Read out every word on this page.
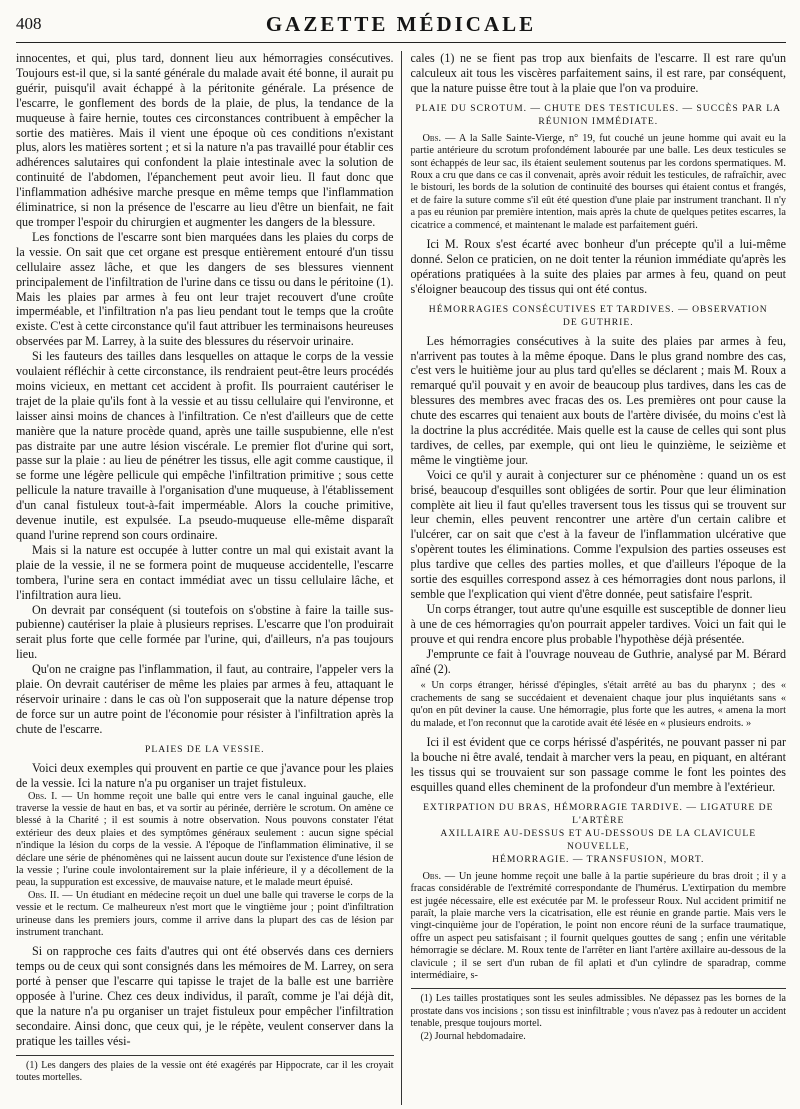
408	GAZETTE MÉDICALE

innocentes, et qui, plus tard, donnent lieu aux hémorragies consécutives. Toujours est-il que, si la santé générale du malade avait été bonne, il aurait pu guérir, puisqu'il avait échappé à la péritonite générale. La présence de l'escarre, le gonflement des bords de la plaie, de plus, la tendance de la muqueuse à faire hernie, toutes ces circonstances contribuent à empêcher la sortie des matières. Mais il vient une époque où ces conditions n'existant plus, alors les matières sortent ; et si la nature n'a pas travaillé pour établir ces adhérences salutaires qui confondent la plaie intestinale avec la solution de continuité de l'abdomen, l'épanchement peut avoir lieu. Il faut donc que l'inflammation adhésive marche presque en même temps que l'inflammation éliminatrice, si non la présence de l'escarre au lieu d'être un bienfait, ne fait que tromper l'espoir du chirurgien et augmenter les dangers de la blessure.

Les fonctions de l'escarre sont bien marquées dans les plaies du corps de la vessie. On sait que cet organe est presque entièrement entouré d'un tissu cellulaire assez lâche, et que les dangers de ses blessures viennent principalement de l'infiltration de l'urine dans ce tissu ou dans le péritoine (1). Mais les plaies par armes à feu ont leur trajet recouvert d'une croûte imperméable, et l'infiltration n'a pas lieu pendant tout le temps que la croûte existe. C'est à cette circonstance qu'il faut attribuer les terminaisons heureuses observées par M. Larrey, à la suite des blessures du réservoir urinaire.

Si les fauteurs des tailles dans lesquelles on attaque le corps de la vessie voulaient réfléchir à cette circonstance, ils rendraient peut-être leurs procédés moins vicieux, en mettant cet accident à profit. Ils pourraient cautériser le trajet de la plaie qu'ils font à la vessie et au tissu cellulaire qui l'environne, et laisser ainsi moins de chances à l'infiltration. Ce n'est d'ailleurs que de cette manière que la nature procède quand, après une taille suspubienne, elle n'est pas distraite par une autre lésion viscérale. Le premier flot d'urine qui sort, passe sur la plaie : au lieu de pénétrer les tissus, elle agit comme caustique, il se forme une légère pellicule qui empêche l'infiltration primitive ; sous cette pellicule la nature travaille à l'organisation d'une muqueuse, à l'établissement d'un canal fistuleux tout-à-fait imperméable. Alors la couche primitive, devenue inutile, est expulsée. La pseudo-muqueuse elle-même disparaît quand l'urine reprend son cours ordinaire.

Mais si la nature est occupée à lutter contre un mal qui existait avant la plaie de la vessie, il ne se formera point de muqueuse accidentelle, l'escarre tombera, l'urine sera en contact immédiat avec un tissu cellulaire lâche, et l'infiltration aura lieu.

On devrait par conséquent (si toutefois on s'obstine à faire la taille sus-pubienne) cautériser la plaie à plusieurs reprises. L'escarre que l'on produirait serait plus forte que celle formée par l'urine, qui, d'ailleurs, n'a pas toujours lieu.

Qu'on ne craigne pas l'inflammation, il faut, au contraire, l'appeler vers la plaie. On devrait cautériser de même les plaies par armes à feu, attaquant le réservoir urinaire : dans le cas où l'on supposerait que la nature dépense trop de force sur un autre point de l'économie pour résister à l'infiltration après la chute de l'escarre.

PLAIES DE LA VESSIE.

Voici deux exemples qui prouvent en partie ce que j'avance pour les plaies de la vessie. Ici la nature n'a pu organiser un trajet fistuleux.

Obs. I. — Un homme reçoit une balle qui entre vers le canal inguinal gauche, elle traverse la vessie de haut en bas, et va sortir au périnée, derrière le scrotum. On amène ce blessé à la Charité ; il est soumis à notre observation. Nous pouvons constater l'état extérieur des deux plaies et des symptômes généraux seulement : aucun signe spécial n'indique la lésion du corps de la vessie. A l'époque de l'inflammation éliminative, il se déclare une série de phénomènes qui ne laissent aucun doute sur l'existence d'une lésion de la vessie ; l'urine coule involontairement sur la plaie inférieure, il y a décollement de la peau, la suppuration est excessive, de mauvaise nature, et le malade meurt épuisé.

Obs. II. — Un étudiant en médecine reçoit un duel une balle qui traverse le corps de la vessie et le rectum. Ce malheureux n'est mort que le vingtième jour ; point d'infiltration urineuse dans les premiers jours, comme il arrive dans la plupart des cas de lésion par instrument tranchant.

Si on rapproche ces faits d'autres qui ont été observés dans ces derniers temps ou de ceux qui sont consignés dans les mémoires de M. Larrey, on sera porté à penser que l'escarre qui tapisse le trajet de la balle est une barrière opposée à l'urine. Chez ces deux individus, il paraît, comme je l'ai déjà dit, que la nature n'a pu organiser un trajet fistuleux pour empêcher l'infiltration secondaire. Ainsi donc, que ceux qui, je le répète, veulent conserver dans la pratique les tailles vési-

(1) Les dangers des plaies de la vessie ont été exagérés par Hippocrate, car il les croyait toutes mortelles.

cales (1) ne se fient pas trop aux bienfaits de l'escarre. Il est rare qu'un calculeux ait tous les viscères parfaitement sains, il est rare, par conséquent, que la nature puisse être tout à la plaie que l'on va produire.

PLAIE DU SCROTUM. — CHUTE DES TESTICULES. — SUCCÈS PAR LA
RÉUNION IMMÉDIATE.

Obs. — A la Salle Sainte-Vierge, n° 19, fut couché un jeune homme qui avait eu la partie antérieure du scrotum profondément labourée par une balle. Les deux testicules se sont échappés de leur sac, ils étaient seulement soutenus par les cordons spermatiques. M. Roux a cru que dans ce cas il convenait, après avoir réduit les testicules, de rafraîchir, avec le bistouri, les bords de la solution de continuité des bourses qui étaient contus et frangés, et de faire la suture comme s'il eût été question d'une plaie par instrument tranchant. Il n'y a pas eu réunion par première intention, mais après la chute de quelques petites escarres, la cicatrice a commencé, et maintenant le malade est parfaitement guéri.

Ici M. Roux s'est écarté avec bonheur d'un précepte qu'il a lui-même donné. Selon ce praticien, on ne doit tenter la réunion immédiate qu'après les opérations pratiquées à la suite des plaies par armes à feu, quand on peut s'éloigner beaucoup des tissus qui ont été contus.

HÉMORRAGIES CONSÉCUTIVES ET TARDIVES. — OBSERVATION
DE GUTHRIE.

Les hémorragies consécutives à la suite des plaies par armes à feu, n'arrivent pas toutes à la même époque. Dans le plus grand nombre des cas, c'est vers le huitième jour au plus tard qu'elles se déclarent ; mais M. Roux a remarqué qu'il pouvait y en avoir de beaucoup plus tardives, dans les cas de blessures des membres avec fracas des os. Les premières ont pour cause la chute des escarres qui tenaient aux bouts de l'artère divisée, du moins c'est là la doctrine la plus accréditée. Mais quelle est la cause de celles qui sont plus tardives, de celles, par exemple, qui ont lieu le quinzième, le seizième et même le vingtième jour.

Voici ce qu'il y aurait à conjecturer sur ce phénomène : quand un os est brisé, beaucoup d'esquilles sont obligées de sortir. Pour que leur élimination complète ait lieu il faut qu'elles traversent tous les tissus qui se trouvent sur leur chemin, elles peuvent rencontrer une artère d'un certain calibre et l'ulcérer, car on sait que c'est à la faveur de l'inflammation ulcérative que s'opèrent toutes les éliminations. Comme l'expulsion des parties osseuses est plus tardive que celles des parties molles, et que d'ailleurs l'époque de la sortie des esquilles correspond assez à ces hémorragies dont nous parlons, il semble que l'explication qui vient d'être donnée, peut satisfaire l'esprit.

Un corps étranger, tout autre qu'une esquille est susceptible de donner lieu à une de ces hémorragies qu'on pourrait appeler tardives. Voici un fait qui le prouve et qui rendra encore plus probable l'hypothèse déjà présentée.

J'emprunte ce fait à l'ouvrage nouveau de Guthrie, analysé par M. Bérard aîné (2).

« Un corps étranger, hérissé d'épingles, s'était arrêté au bas du pharynx ; des « crachements de sang se succédaient et devenaient chaque jour plus inquiétants sans « qu'on en pût deviner la cause. Une hémorragie, plus forte que les autres, « amena la mort du malade, et l'on reconnut que la carotide avait été lésée en « plusieurs endroits. »

Ici il est évident que ce corps hérissé d'aspérités, ne pouvant passer ni par la bouche ni être avalé, tendait à marcher vers la peau, en piquant, en altérant les tissus qui se trouvaient sur son passage comme le font les pointes des esquilles quand elles cheminent de la profondeur d'un membre à l'extérieur.

EXTIRPATION DU BRAS, HÉMORRAGIE TARDIVE. — LIGATURE DE L'ARTÈRE
AXILLAIRE AU-DESSUS ET AU-DESSOUS DE LA CLAVICULE NOUVELLE,
HÉMORRAGIE. — TRANSFUSION, MORT.

Obs. — Un jeune homme reçoit une balle à la partie supérieure du bras droit ; il y a fracas considérable de l'extrémité correspondante de l'humérus. L'extirpation du membre est jugée nécessaire, elle est exécutée par M. le professeur Roux. Nul accident primitif ne paraît, la plaie marche vers la cicatrisation, elle est réunie en grande partie. Mais vers le vingt-cinquième jour de l'opération, le point non encore réuni de la surface traumatique, offre un aspect peu satisfaisant ; il fournit quelques gouttes de sang ; enfin une véritable hémorragie se déclare. M. Roux tente de l'arrêter en liant l'artère axillaire au-dessous de la clavicule ; il se sert d'un ruban de fil aplati et d'un cylindre de sparadrap, comme intermédiaire, s-

(1) Les tailles prostatiques sont les seules admissibles. Ne dépassez pas les bornes de la prostate dans vos incisions ; son tissu est ininfiltrable ; vous n'avez pas à redouter un accident tenable, presque toujours mortel.

(2) Journal hebdomadaire.
